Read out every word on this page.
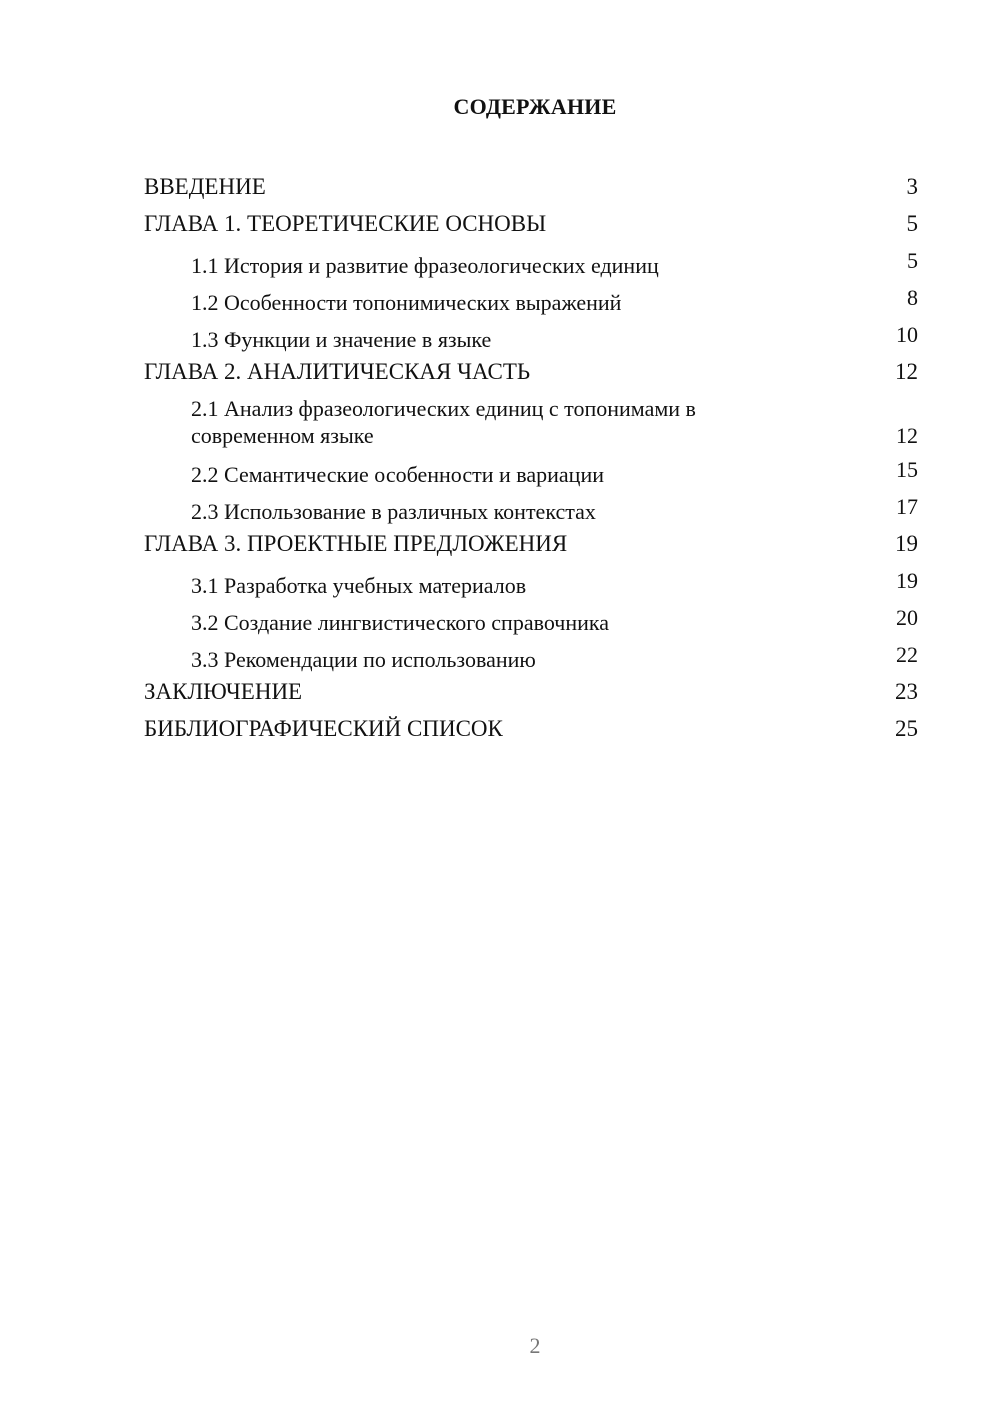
СОДЕРЖАНИЕ
ВВЕДЕНИЕ	3
ГЛАВА 1. ТЕОРЕТИЧЕСКИЕ ОСНОВЫ	5
1.1 История и развитие фразеологических единиц	5
1.2 Особенности топонимических выражений	8
1.3 Функции и значение в языке	10
ГЛАВА 2. АНАЛИТИЧЕСКАЯ ЧАСТЬ	12
2.1 Анализ фразеологических единиц с топонимами в современном языке	12
2.2 Семантические особенности и вариации	15
2.3 Использование в различных контекстах	17
ГЛАВА 3. ПРОЕКТНЫЕ ПРЕДЛОЖЕНИЯ	19
3.1 Разработка учебных материалов	19
3.2 Создание лингвистического справочника	20
3.3 Рекомендации по использованию	22
ЗАКЛЮЧЕНИЕ	23
БИБЛИОГРАФИЧЕСКИЙ СПИСОК	25
2
